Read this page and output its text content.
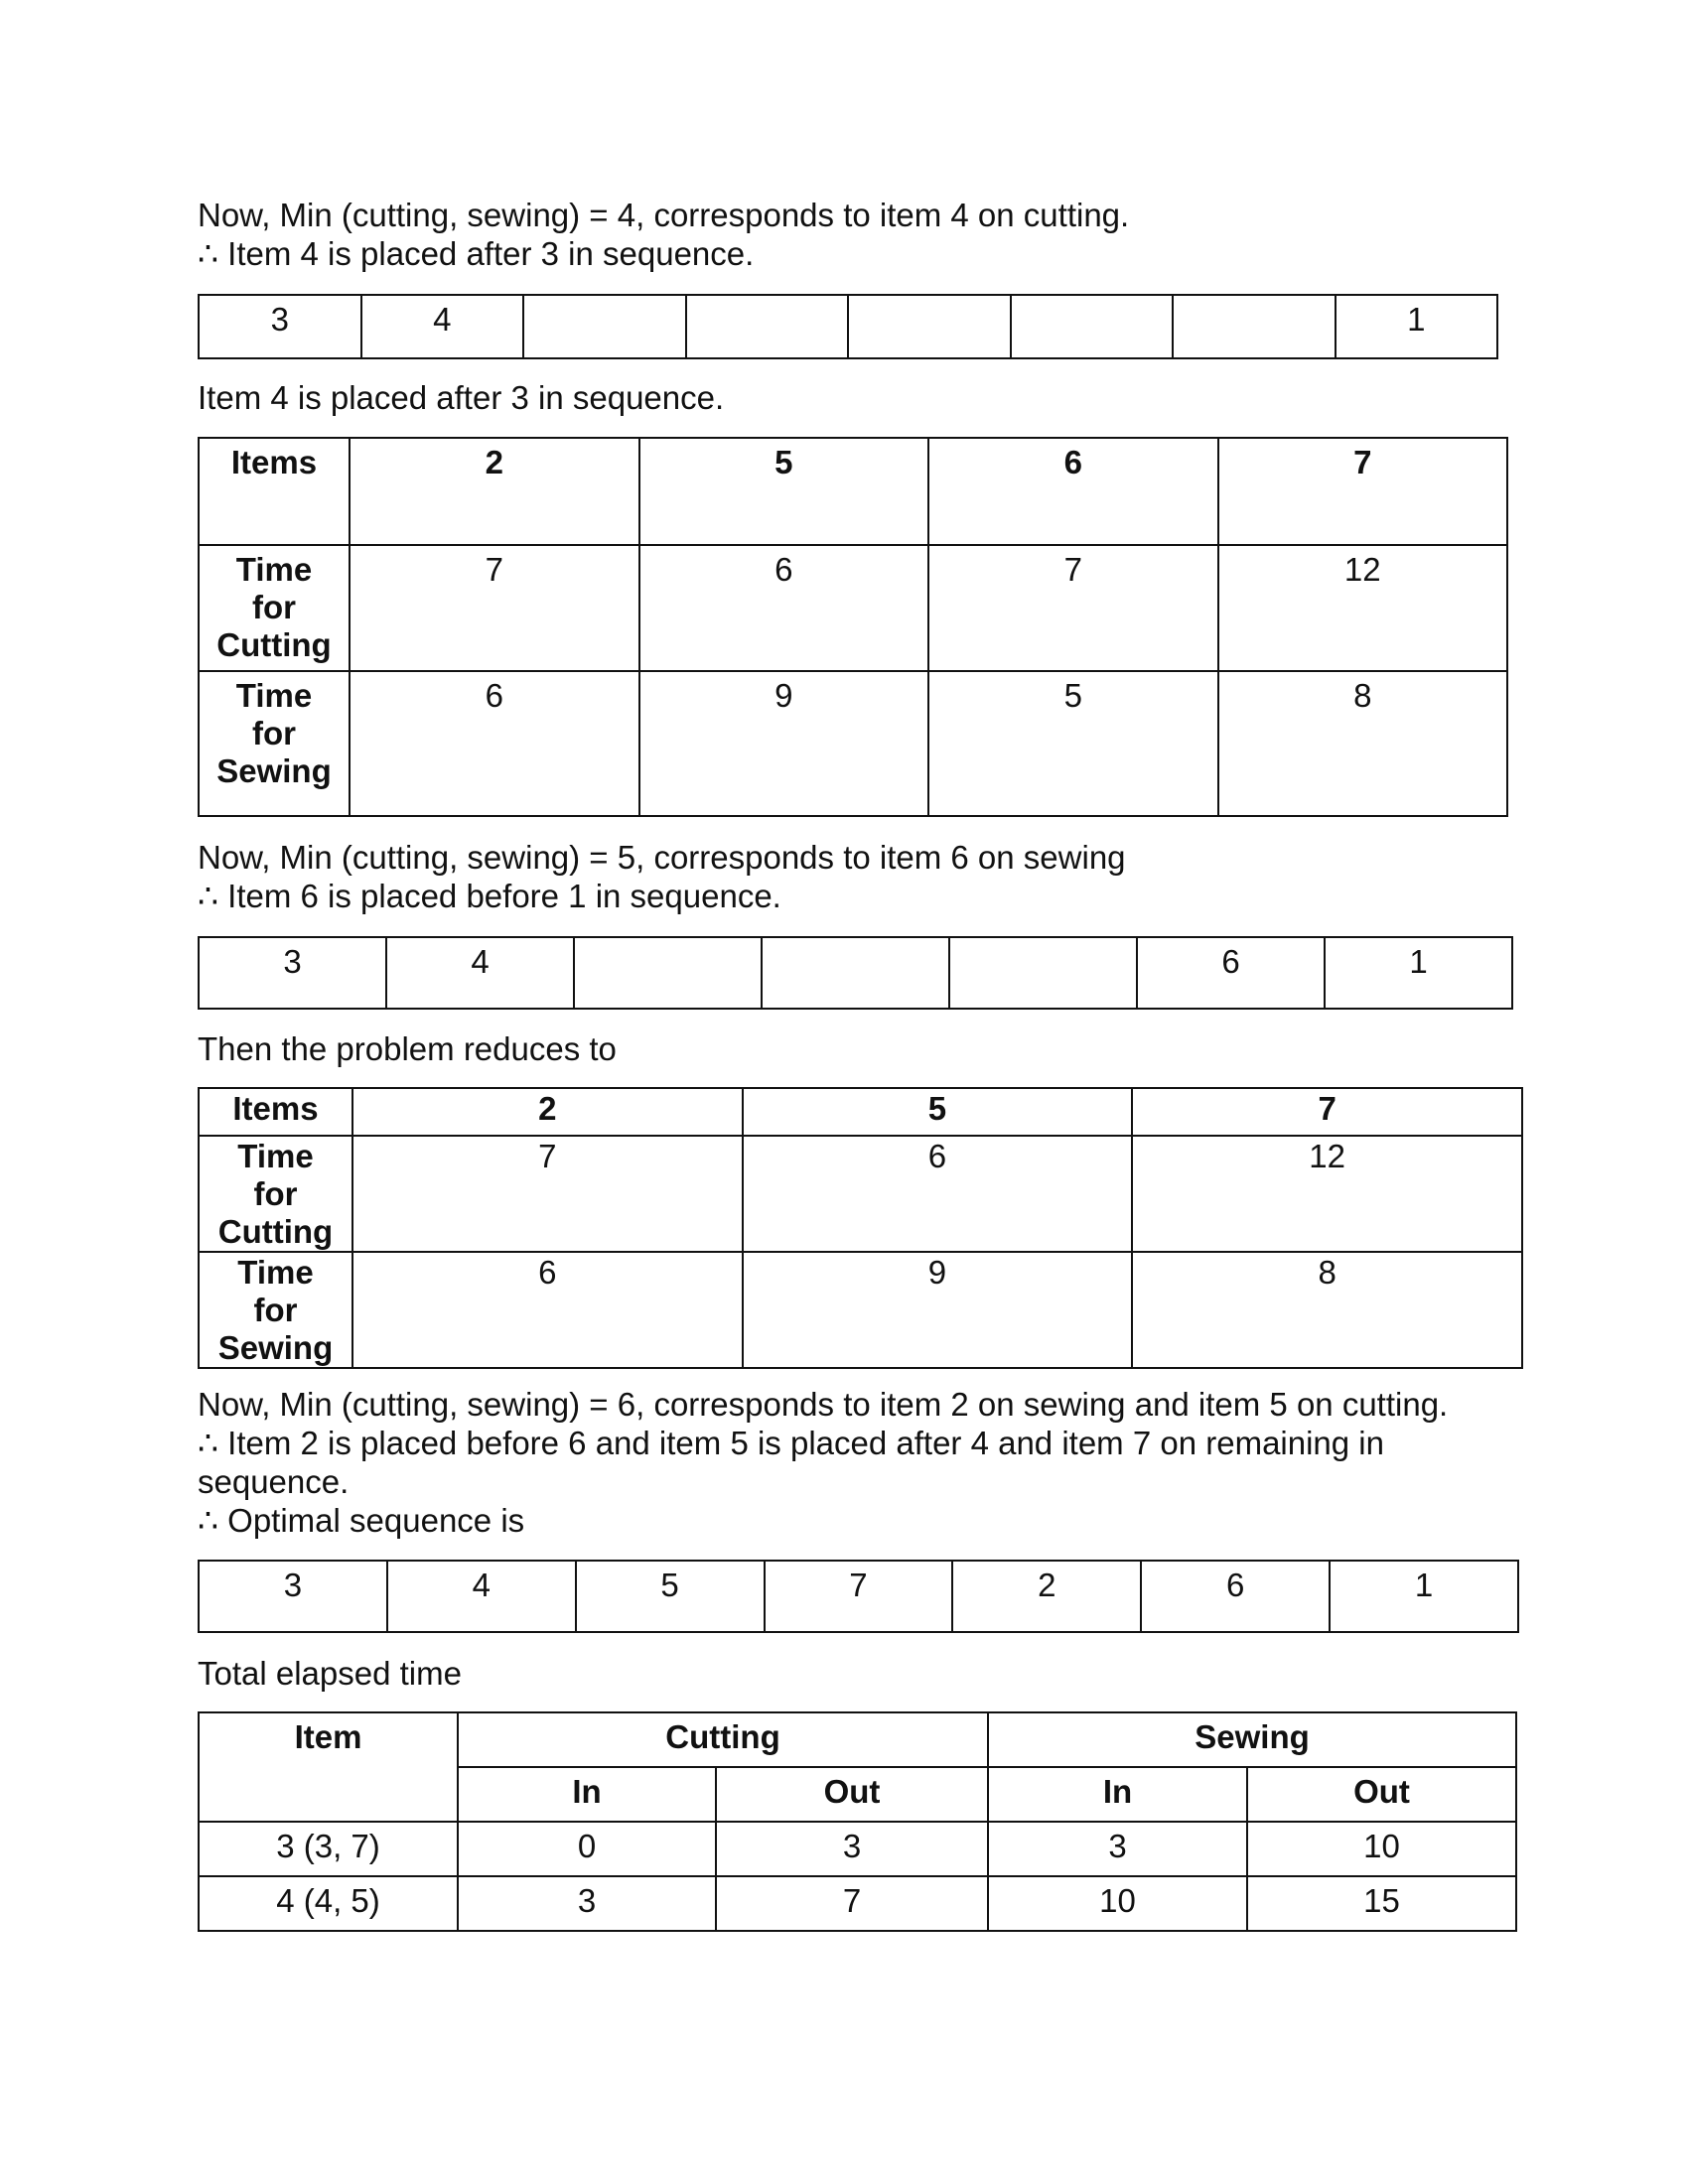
Now, Min (cutting, sewing) = 4, corresponds to item 4 on cutting.

∴ Item 4 is placed after 3 in sequence.

3	4						1

Item 4 is placed after 3 in sequence.

Items	2	5	6	7

Time
for
Cutting	7	6	7	12

Time
for
Sewing	6	9	5	8

Now, Min (cutting, sewing) = 5, corresponds to item 6 on sewing

∴ Item 6 is placed before 1 in sequence.

3	4				6	1

Then the problem reduces to

Items	2	5	7

Time
for
Cutting	7	6	12

Time
for
Sewing	6	9	8

Now, Min (cutting, sewing) = 6, corresponds to item 2 on sewing and item 5 on cutting.

∴ Item 2 is placed before 6 and item 5 is placed after 4 and item 7 on remaining in

sequence.

∴ Optimal sequence is

3	4	5	7	2	6	1

Total elapsed time

Item	Cutting		Sewing	
	In	Out	In	Out
3 (3, 7)	0	3	3	10
4 (4, 5)	3	7	10	15
